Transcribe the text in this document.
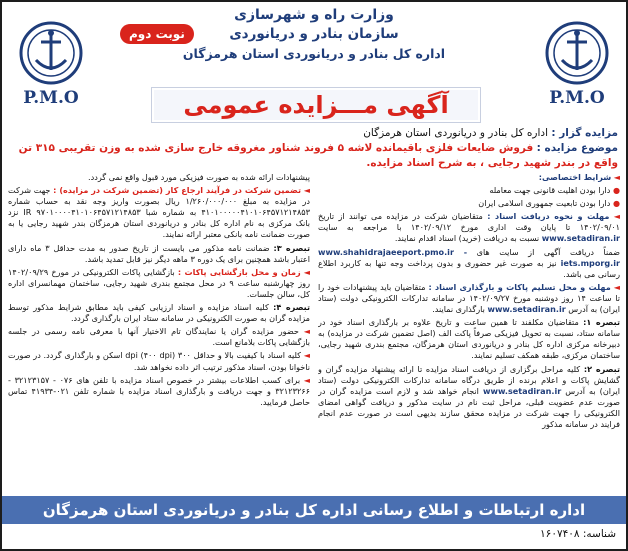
P.M.O
وزارت راه و شهرسازی
سازمان بنادر و دریانوردی
اداره کل بنادر و دریانوردی استان هرمزگان
نوبت دوم
آگهی مـــزایده عمومی	P.M.O
مزایده گزار : اداره کل بنادر و دریانوردی استان هرمزگان
موضوع مزایده : فروش ضایعات فلزی باقیمانده لاشه ۵ فروند شناور مغروقه خارج سازی شده به وزن تقریبی ۳۱۵ تن واقع در بندر شهید رجایی ، به شرح اسناد مزایده.

◄ شرایط اختصاصی:

● دارا بودن اهلیت قانونی جهت معامله

● دارا بودن تابعیت جمهوری اسلامی ایران

◄ مهلت و نحوه دریافت اسناد : متقاضیان شرکت در مزایده می توانند از تاریخ ۱۴۰۲/۰۹/۰۱ تا پایان وقت اداری مورخ ۱۴۰۲/۰۹/۱۲ با مراجعه به سایت www.setadiran.ir نسبت به دریافت (خرید) اسناد اقدام نمایند.

ضمناً دریافت آگهی از سایت های www.shahidrajaeeport.pmo.ir - iets.mporg.ir نیز به صورت غیر حضوری و بدون پرداخت وجه تنها به کاربرد اطلاع رسانی می باشد.

◄ مهلت و محل تسلیم پاکات و بارگذاری اسناد : متقاضیان باید پیشنهادات خود را تا ساعت ۱۴ روز دوشنبه مورخ ۱۴۰۲/۰۹/۲۷ در سامانه تدارکات الکترونیکی دولت (ستاد ایران) به آدرس www.setadiran.ir بارگذاری نمایند.

تبصره ۱: متقاضیان مکلفند تا همین ساعت و تاریخ علاوه بر بارگذاری اسناد خود در سامانه ستاد، نسبت به تحویل فیزیکی صرفاً پاکت الف (اصل تضمین شرکت در مزایده) به دبیرخانه مرکزی اداره کل بنادر و دریانوردی استان هرمزگان، مجتمع بندری شهید رجایی، ساختمان مرکزی، طبقه همکف تسلیم نمایند.

تبصره ۲: کلیه مراحل برگزاری از دریافت اسناد مزایده تا ارائه پیشنهاد مزایده گران و گشایش پاکات و اعلام برنده از طریق درگاه سامانه تدارکات الکترونیکی دولت (ستاد ایران) به آدرس www.setadiran.ir انجام خواهد شد و لازم است مزایده گران در صورت عدم عضویت قبلی، مراحل ثبت نام در سایت مذکور و دریافت گواهی امضای الکترونیکی را جهت شرکت در مزایده محقق سازند بدیهی است در صورت عدم انجام فرایند در سامانه مذکور

پیشنهادات ارائه شده به صورت فیزیکی مورد قبول واقع نمی گردد.

◄ تضمین شرکت در فرآیند ارجاع کار (تضمین شرکت در مزایده) : جهت شرکت در مزایده به مبلغ ۱/۲۶۰/۰۰۰/۰۰۰ ریال بصورت واریز وجه نقد به حساب شماره ۴۱۰۱۰۰۰۰۰۴۱۰۱۰۶۴۵۷۱۲۱۴۸۵۳ به شماره شبا IR ۹۷۰۱۰۰۰۰۴۱۰۱۰۶۴۵۷۱۲۱۴۸۵۳ نزد بانک مرکزی به نام اداره کل بنادر و دریانوردی استان هرمزگان بندر شهید رجایی یا به صورت ضمانت نامه بانکی معتبر ارائه نمایند.

تبصره ۳: ضمانت نامه مذکور می بایست از تاریخ صدور به مدت حداقل ۳ ماه دارای اعتبار باشد همچنین برای یک دوره ۳ ماهه دیگر نیز قابل تمدید باشد.

◄ زمان و محل بازگشایی پاکات : بازگشایی پاکات الکترونیکی در مورخ ۱۴۰۲/۰۹/۲۹ روز چهارشنبه ساعت ۹ در محل مجتمع بندری شهید رجایی، ساختمان مهمانسرای اداره کل، سالن جلسات.

تبصره ۴: کلیه اسناد مزایده و اسناد ارزیابی کیفی باید مطابق شرایط مذکور توسط مزایده گران به صورت الکترونیکی در سامانه ستاد ایران بارگذاری گردد.

◄ حضور مزایده گران یا نمایندگان تام الاختیار آنها با معرفی نامه رسمی در جلسه بازگشایی پاکات بلامانع است.

◄ کلیه اسناد با کیفیت بالا و حداقل ۳۰۰ dpi (۴۰۰ dpi) اسکن و بارگذاری گردد. در صورت ناخوانا بودن، اسناد مذکور ترتیب اثر داده نخواهد شد.

◄ برای کسب اطلاعات بیشتر در خصوص اسناد مزایده با تلفن های ۰۷۶ - ۳۲۱۲۳۱۵۷ - ۳۲۱۲۳۲۶۶ و جهت دریافت و بارگذاری اسناد مزایده با شماره تلفن ۰۲۱-۴۱۹۳۴ تماس حاصل فرمایید.

اداره ارتباطات و اطلاع رسانی اداره کل بنادر و دریانوردی استان هرمزگان
شناسه: ۱۶۰۷۴۰۸
